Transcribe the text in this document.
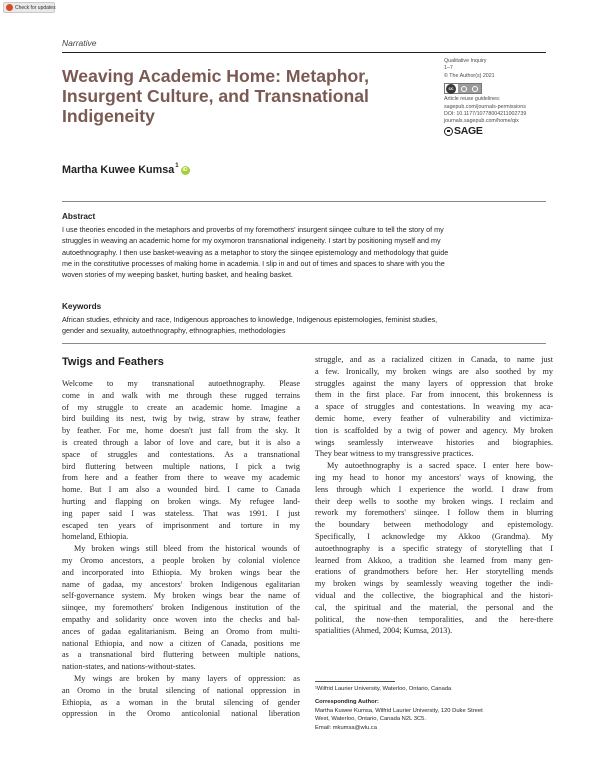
Check for updates
Narrative
Weaving Academic Home: Metaphor,
Insurgent Culture, and Transnational
Indigeneity
Qualitative Inquiry
1–7
© The Author(s) 2021
cc
Article reuse guidelines:
sagepub.com/journals-permissions
DOI: 10.1177/10778004211002739
journals.sagepub.com/home/qix
SAGE
Martha Kuwee Kumsa$^1$
iD
Abstract
I use theories encoded in the metaphors and proverbs of my foremothers' insurgent siinqee culture to tell the story of my
struggles in weaving an academic home for my oxymoron transnational indigeneity. I start by positioning myself and my
autoethnography. I then use basket-weaving as a metaphor to story the siinqee epistemology and methodology that guide
me in the constitutive processes of making home in academia. I slip in and out of times and spaces to share with you the
woven stories of my weeping basket, hurting basket, and healing basket.
Keywords
African studies, ethnicity and race, Indigenous approaches to knowledge, Indigenous epistemologies, feminist studies,
gender and sexuality, autoethnography, ethnographies, methodologies
Twigs and Feathers
Welcome to my transnational autoethnography. Please
come in and walk with me through these rugged terrains
of my struggle to create an academic home. Imagine a
bird building its nest, twig by twig, straw by straw, feather
by feather. For me, home doesn't just fall from the sky. It
is created through a labor of love and care, but it is also a
space of struggles and contestations. As a transnational
bird fluttering between multiple nations, I pick a twig
from here and a feather from there to weave my academic
home. But I am also a wounded bird. I came to Canada
hurting and flapping on broken wings. My refugee land-
ing paper said I was stateless. That was 1991. I just
escaped ten years of imprisonment and torture in my
homeland, Ethiopia.
My broken wings still bleed from the historical wounds of
my Oromo ancestors, a people broken by colonial violence
and incorporated into Ethiopia. My broken wings bear the
name of gadaa, my ancestors' broken Indigenous egalitarian
self-governance system. My broken wings bear the name of
siinqee, my foremothers' broken Indigenous institution of the
empathy and solidarity once woven into the checks and bal-
ances of gadaa egalitarianism. Being an Oromo from multi-
national Ethiopia, and now a citizen of Canada, positions me
as a transnational bird fluttering between multiple nations,
nation-states, and nations-without-states.
My wings are broken by many layers of oppression: as
an Oromo in the brutal silencing of national oppression in
Ethiopia, as a woman in the brutal silencing of gender
oppression in the Oromo anticolonial national liberation
struggle, and as a racialized citizen in Canada, to name just
a few. Ironically, my broken wings are also soothed by my
struggles against the many layers of oppression that broke
them in the first place. Far from innocent, this brokenness is
a space of struggles and contestations. In weaving my aca-
demic home, every feather of vulnerability and victimiza-
tion is scaffolded by a twig of power and agency. My broken
wings seamlessly interweave histories and biographies.
They bear witness to my transgressive practices.
My autoethnography is a sacred space. I enter here bow-
ing my head to honor my ancestors' ways of knowing, the
lens through which I experience the world. I draw from
their deep wells to soothe my broken wings. I reclaim and
rework my foremothers' siinqee. I follow them in blurring
the boundary between methodology and epistemology.
Specifically, I acknowledge my Akkoo (Grandma). My
autoethnography is a specific strategy of storytelling that I
learned from Akkoo, a tradition she learned from many gen-
erations of grandmothers before her. Her storytelling mends
my broken wings by seamlessly weaving together the indi-
vidual and the collective, the biographical and the histori-
cal, the spiritual and the material, the personal and the
political, the now-then temporalities, and the here-there
spatialities (Ahmed, 2004; Kumsa, 2013).
¹Wilfrid Laurier University, Waterloo, Ontario, Canada
Corresponding Author:
Martha Kuwee Kumsa, Wilfrid Laurier University, 120 Duke Street
West, Waterloo, Ontario, Canada N2L 3C5.
Email: mkumsa@wlu.ca
